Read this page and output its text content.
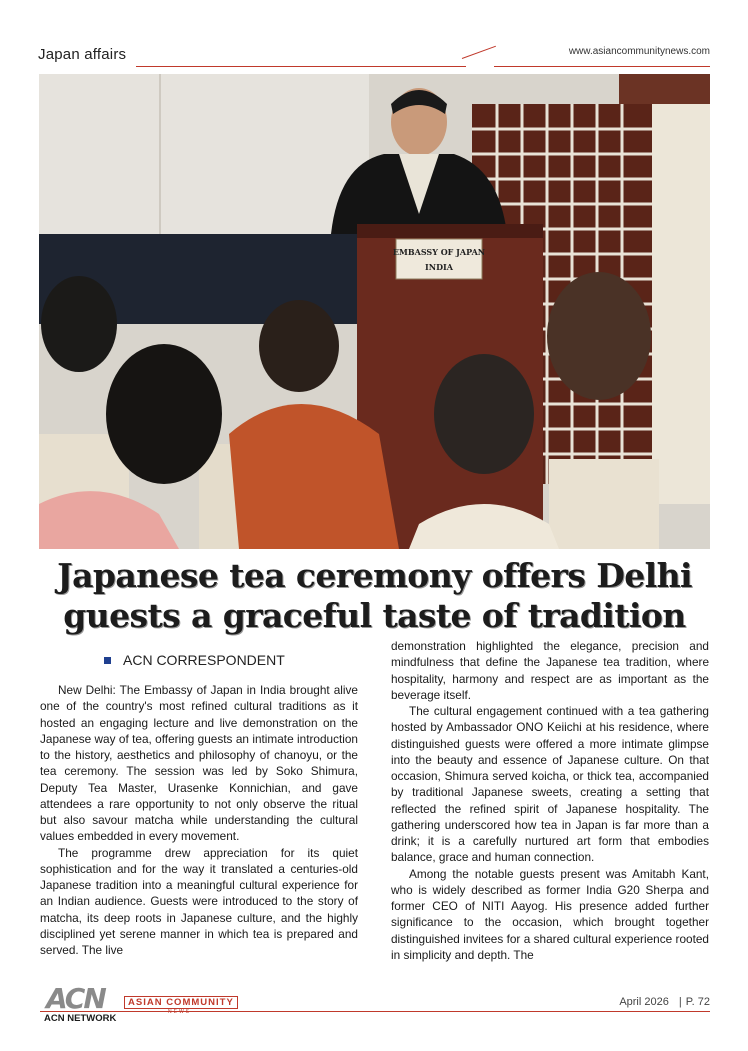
Japan affairs	www.asiancommunitynews.com
EMBASSY OF JAPAN
INDIA
Japanese tea ceremony offers Delhi
guests a graceful taste of tradition
ACN CORRESPONDENT

New Delhi: The Embassy of Japan in India brought alive one of the country's most refined cultural traditions as it hosted an engaging lecture and live demonstration on the Japanese way of tea, offering guests an intimate introduction to the history, aesthetics and philosophy of chanoyu, or the tea ceremony. The session was led by Soko Shimura, Deputy Tea Master, Urasenke Konnichian, and gave attendees a rare opportunity to not only observe the ritual but also savour matcha while understanding the cultural values embedded in every movement.

The programme drew appreciation for its quiet sophistication and for the way it translated a centuries-old Japanese tradition into a meaningful cultural experience for an Indian audience. Guests were introduced to the story of matcha, its deep roots in Japanese culture, and the highly disciplined yet serene manner in which tea is prepared and served. The live

demonstration highlighted the elegance, precision and mindfulness that define the Japanese tea tradition, where hospitality, harmony and respect are as important as the beverage itself.

The cultural engagement continued with a tea gathering hosted by Ambassador ONO Keiichi at his residence, where distinguished guests were offered a more intimate glimpse into the beauty and essence of Japanese culture. On that occasion, Shimura served koicha, or thick tea, accompanied by traditional Japanese sweets, creating a setting that reflected the refined spirit of Japanese hospitality. The gathering underscored how tea in Japan is far more than a drink; it is a carefully nurtured art form that embodies balance, grace and human connection.

Among the notable guests present was Amitabh Kant, who is widely described as former India G20 Sherpa and former CEO of NITI Aayog. His presence added further significance to the occasion, which brought together distinguished invitees for a shared cultural experience rooted in simplicity and depth. The

ACN
ACN NETWORK
ASIAN COMMUNITY
NEWS
April 2026 | P. 72
